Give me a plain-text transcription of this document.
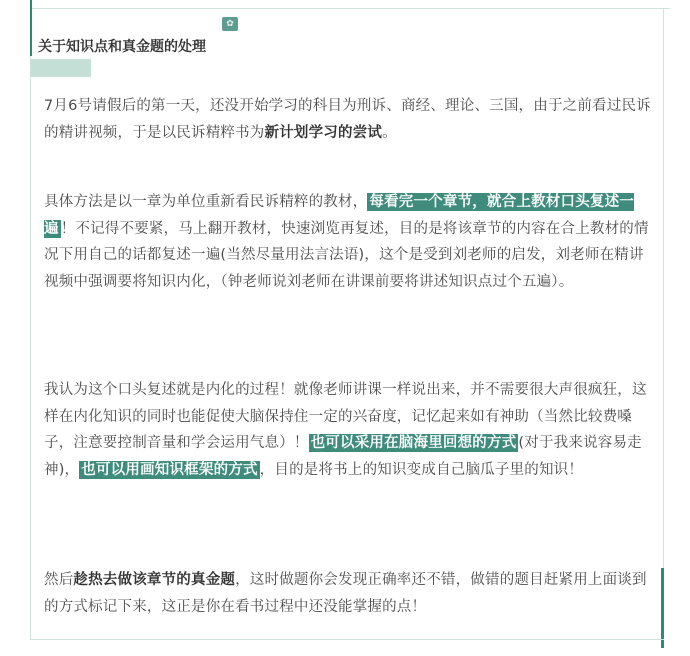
✿
关于知识点和真金题的处理

7月6号请假后的第一天，还没开始学习的科目为刑诉、商经、理论、三国，由于之前看过民诉的精讲视频，于是以民诉精粹书为新计划学习的尝试。

具体方法是以一章为单位重新看民诉精粹的教材， 每看完一个章节，就合上教材口头复述一遍 ！不记得不要紧，马上翻开教材，快速浏览再复述，目的是将该章节的内容在合上教材的情况下用自己的话都复述一遍(当然尽量用法言法语)，这个是受到刘老师的启发，刘老师在精讲视频中强调要将知识内化，（钟老师说刘老师在讲课前要将讲述知识点过个五遍）。

我认为这个口头复述就是内化的过程！就像老师讲课一样说出来，并不需要很大声很疯狂，这样在内化知识的同时也能促使大脑保持住一定的兴奋度，记忆起来如有神助（当然比较费嗓子，注意要控制音量和学会运用气息）！ 也可以采用在脑海里回想的方式 (对于我来说容易走神)， 也可以用画知识框架的方式 ，目的是将书上的知识变成自己脑瓜子里的知识！

然后趁热去做该章节的真金题，这时做题你会发现正确率还不错，做错的题目赶紧用上面谈到的方式标记下来，这正是你在看书过程中还没能掌握的点！
